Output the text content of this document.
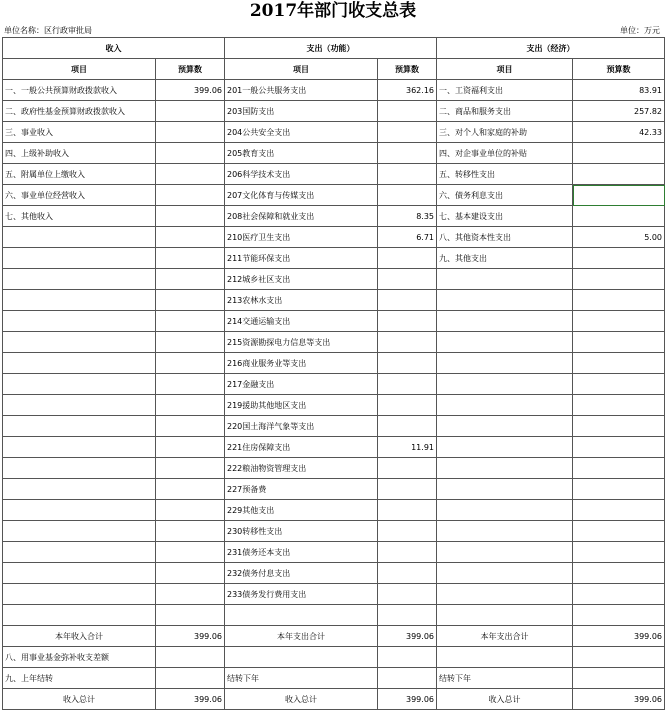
2017年部门收支总表
单位名称：区行政审批局	单位：万元
收入		支出（功能）		支出（经济）	
项目	预算数	项目	预算数	项目	预算数
一、一般公共预算财政拨款收入	399.06	201一般公共服务支出	362.16	一、工资福利支出	83.91
二、政府性基金预算财政拨款收入		203国防支出		二、商品和服务支出	257.82
三、事业收入		204公共安全支出		三、对个人和家庭的补助	42.33
四、上级补助收入		205教育支出		四、对企事业单位的补贴	
五、附属单位上缴收入		206科学技术支出		五、转移性支出	
六、事业单位经营收入		207文化体育与传媒支出		六、债务利息支出	
七、其他收入		208社会保障和就业支出	8.35	七、基本建设支出	
		210医疗卫生支出	6.71	八、其他资本性支出	5.00
		211节能环保支出		九、其他支出	
		212城乡社区支出			
		213农林水支出			
		214交通运输支出			
		215资源勘探电力信息等支出			
		216商业服务业等支出			
		217金融支出			
		219援助其他地区支出			
		220国土海洋气象等支出			
		221住房保障支出	11.91		
		222粮油物资管理支出			
		227预备费			
		229其他支出			
		230转移性支出			
		231债务还本支出			
		232债务付息支出			
		233债务发行费用支出			

本年收入合计	399.06	本年支出合计	399.06	本年支出合计	399.06
八、用事业基金弥补收支差额					
九、上年结转		结转下年		结转下年	
收入总计	399.06	收入总计	399.06	收入总计	399.06
